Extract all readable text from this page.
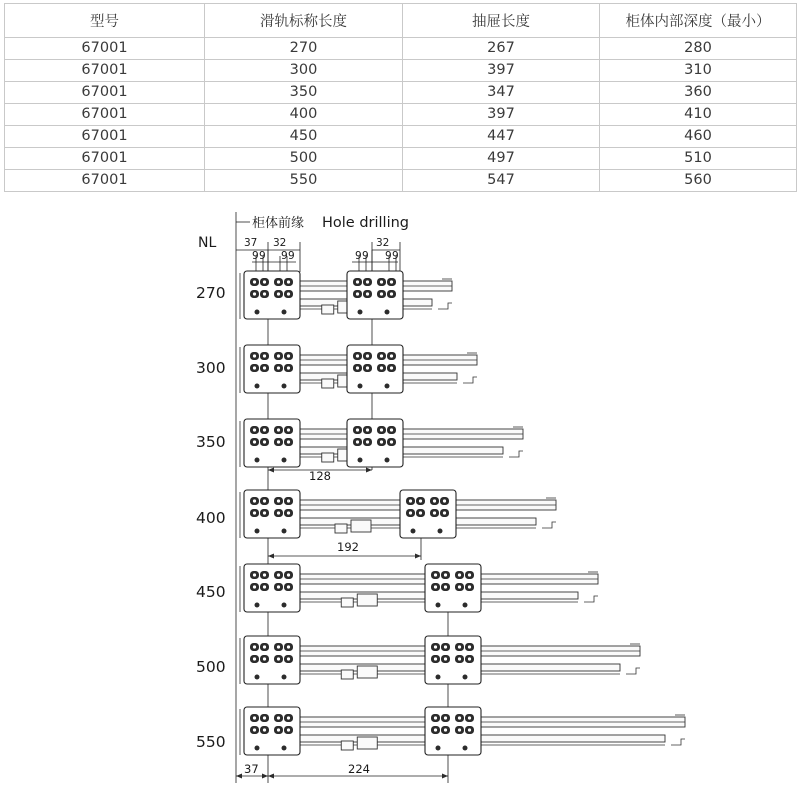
型号	滑轨标称长度	抽屉长度	柜体内部深度（最小）
67001	270	267	280
67001	300	397	310
67001	350	347	360
67001	400	397	410
67001	450	447	460
67001	500	497	510
67001	550	547	560
柜体前缘 Hole drilling
NL	37 32	32
9 9 9 9	9 9 9 9
270
300
350
400
450
500
550
128
192
37	224
